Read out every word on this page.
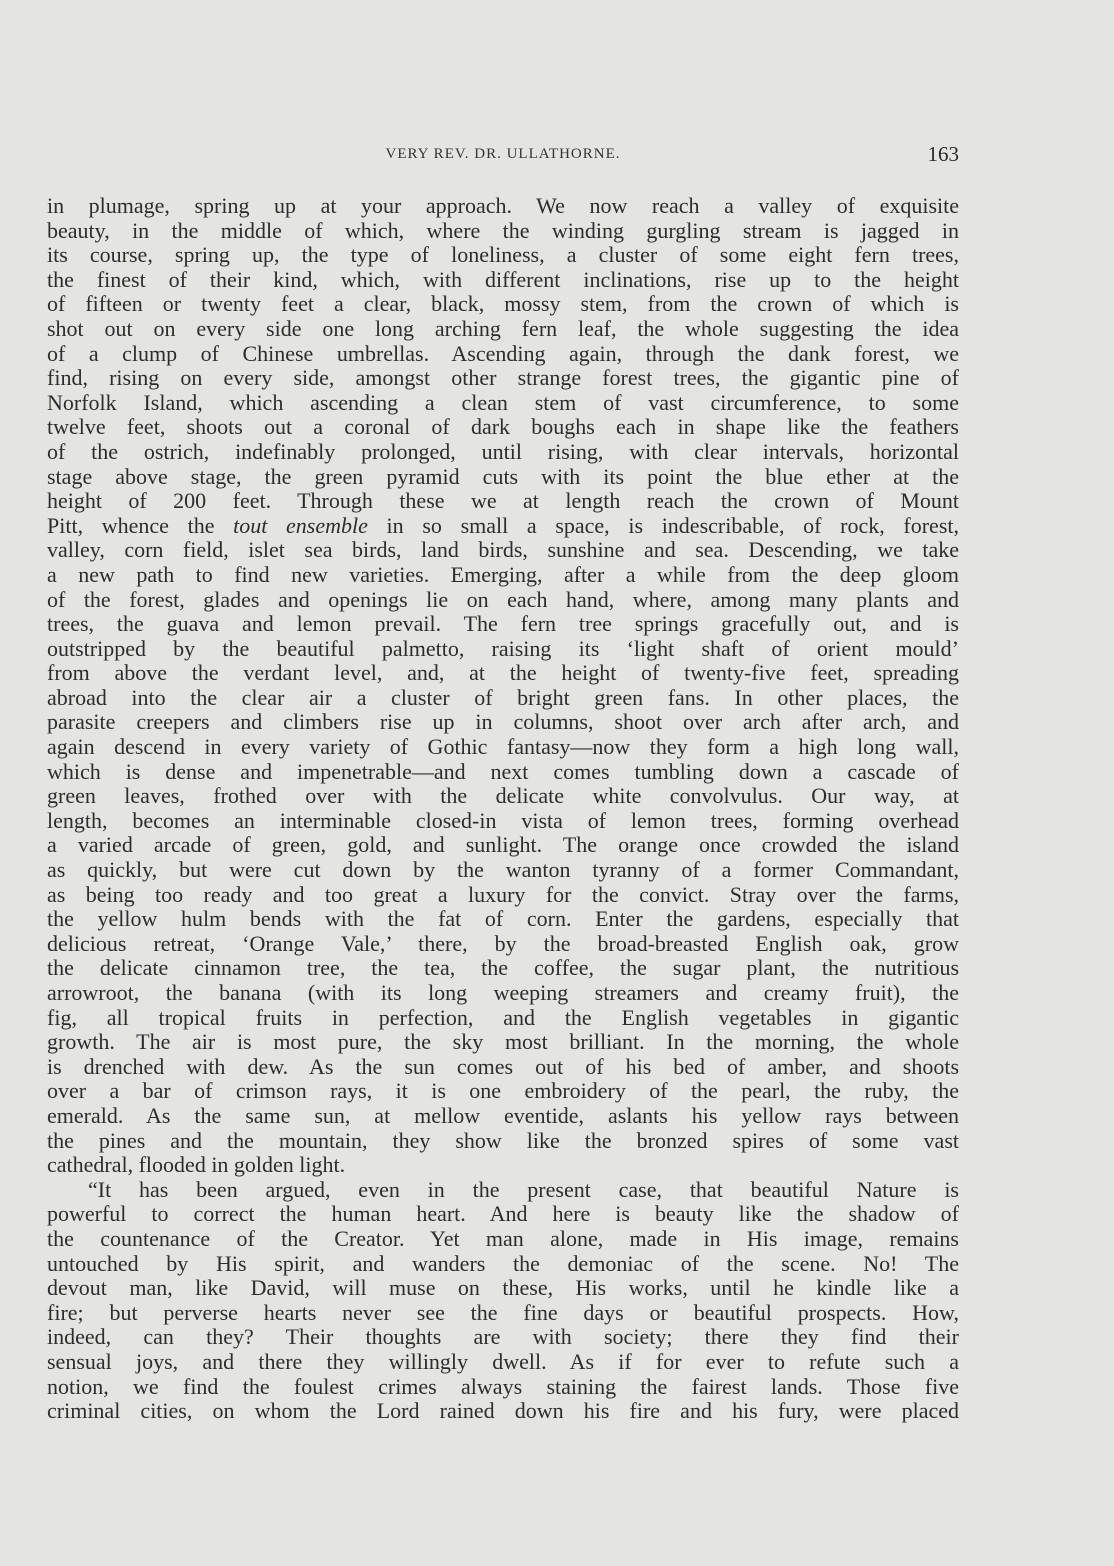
VERY REV. DR. ULLATHORNE.	163
in plumage, spring up at your approach. We now reach a valley of exquisite
beauty, in the middle of which, where the winding gurgling stream is jagged in
its course, spring up, the type of loneliness, a cluster of some eight fern trees,
the finest of their kind, which, with different inclinations, rise up to the height
of fifteen or twenty feet a clear, black, mossy stem, from the crown of which is
shot out on every side one long arching fern leaf, the whole suggesting the idea
of a clump of Chinese umbrellas. Ascending again, through the dank forest, we
find, rising on every side, amongst other strange forest trees, the gigantic pine of
Norfolk Island, which ascending a clean stem of vast circumference, to some
twelve feet, shoots out a coronal of dark boughs each in shape like the feathers
of the ostrich, indefinably prolonged, until rising, with clear intervals, horizontal
stage above stage, the green pyramid cuts with its point the blue ether at the
height of 200 feet. Through these we at length reach the crown of Mount
Pitt, whence the tout ensemble in so small a space, is indescribable, of rock, forest,
valley, corn field, islet sea birds, land birds, sunshine and sea. Descending, we take
a new path to find new varieties. Emerging, after a while from the deep gloom
of the forest, glades and openings lie on each hand, where, among many plants and
trees, the guava and lemon prevail. The fern tree springs gracefully out, and is
outstripped by the beautiful palmetto, raising its ‘light shaft of orient mould’
from above the verdant level, and, at the height of twenty-five feet, spreading
abroad into the clear air a cluster of bright green fans. In other places, the
parasite creepers and climbers rise up in columns, shoot over arch after arch, and
again descend in every variety of Gothic fantasy—now they form a high long wall,
which is dense and impenetrable—and next comes tumbling down a cascade of
green leaves, frothed over with the delicate white convolvulus. Our way, at
length, becomes an interminable closed-in vista of lemon trees, forming overhead
a varied arcade of green, gold, and sunlight. The orange once crowded the island
as quickly, but were cut down by the wanton tyranny of a former Commandant,
as being too ready and too great a luxury for the convict. Stray over the farms,
the yellow hulm bends with the fat of corn. Enter the gardens, especially that
delicious retreat, ‘Orange Vale,’ there, by the broad-breasted English oak, grow
the delicate cinnamon tree, the tea, the coffee, the sugar plant, the nutritious
arrowroot, the banana (with its long weeping streamers and creamy fruit), the
fig, all tropical fruits in perfection, and the English vegetables in gigantic
growth. The air is most pure, the sky most brilliant. In the morning, the whole
is drenched with dew. As the sun comes out of his bed of amber, and shoots
over a bar of crimson rays, it is one embroidery of the pearl, the ruby, the
emerald. As the same sun, at mellow eventide, aslants his yellow rays between
the pines and the mountain, they show like the bronzed spires of some vast
cathedral, flooded in golden light.
“It has been argued, even in the present case, that beautiful Nature is
powerful to correct the human heart. And here is beauty like the shadow of
the countenance of the Creator. Yet man alone, made in His image, remains
untouched by His spirit, and wanders the demoniac of the scene. No! The
devout man, like David, will muse on these, His works, until he kindle like a
fire; but perverse hearts never see the fine days or beautiful prospects. How,
indeed, can they? Their thoughts are with society; there they find their
sensual joys, and there they willingly dwell. As if for ever to refute such a
notion, we find the foulest crimes always staining the fairest lands. Those five
criminal cities, on whom the Lord rained down his fire and his fury, were placed
